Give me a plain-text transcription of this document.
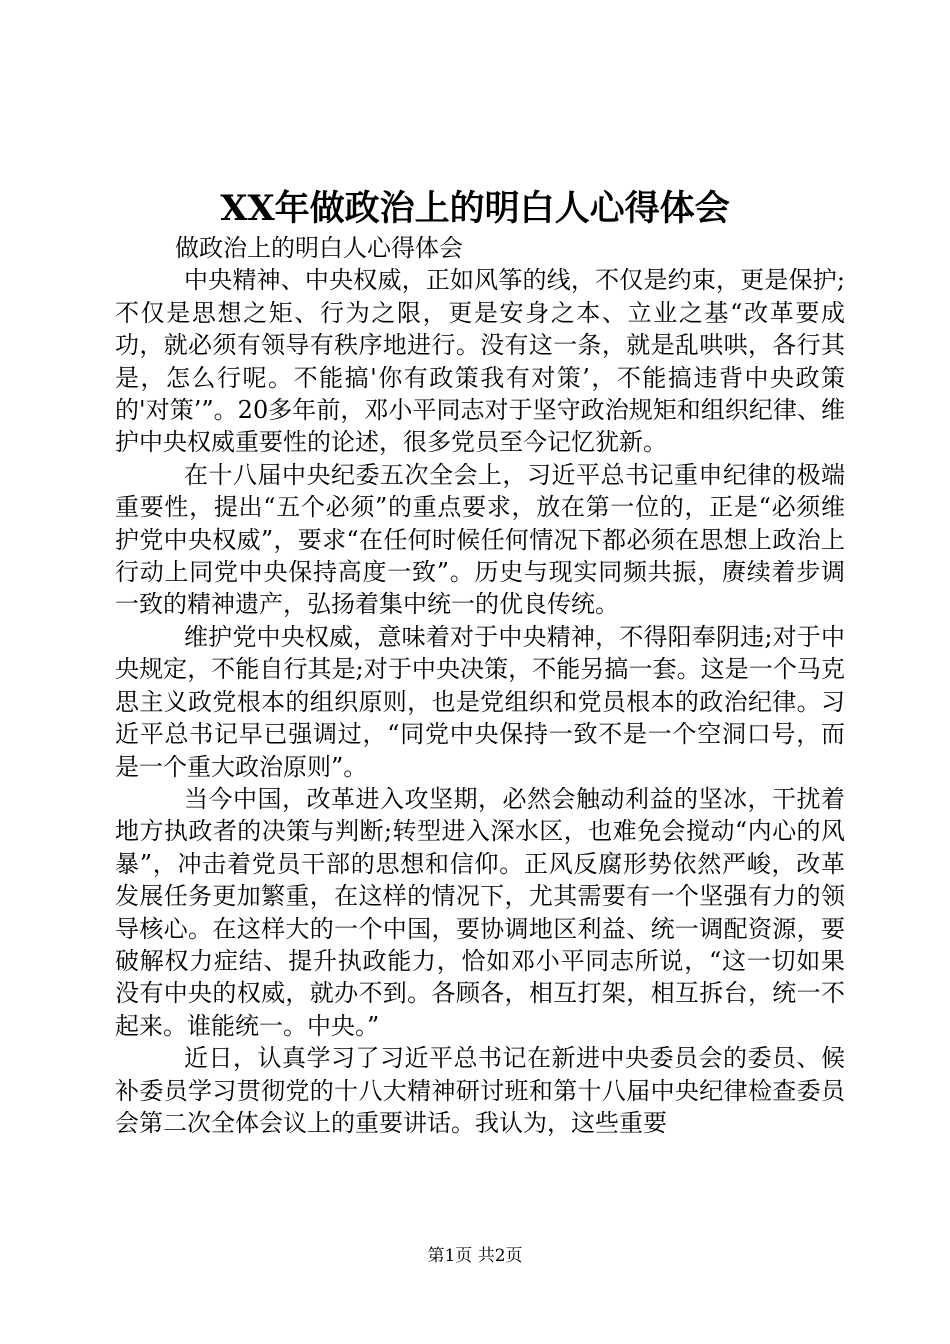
XX年做政治上的明白人心得体会

做政治上的明白人心得体会

中央精神、中央权威，正如风筝的线，不仅是约束，更是保护;不仅是思想之矩、行为之限，更是安身之本、立业之基“改革要成功，就必须有领导有秩序地进行。没有这一条，就是乱哄哄，各行其是，怎么行呢。不能搞'你有政策我有对策’，不能搞违背中央政策的'对策’”。20多年前，邓小平同志对于坚守政治规矩和组织纪律、维护中央权威重要性的论述，很多党员至今记忆犹新。

在十八届中央纪委五次全会上，习近平总书记重申纪律的极端重要性，提出“五个必须”的重点要求，放在第一位的，正是“必须维护党中央权威”，要求“在任何时候任何情况下都必须在思想上政治上行动上同党中央保持高度一致”。历史与现实同频共振，赓续着步调一致的精神遗产，弘扬着集中统一的优良传统。

维护党中央权威，意味着对于中央精神，不得阳奉阴违;对于中央规定，不能自行其是;对于中央决策，不能另搞一套。这是一个马克思主义政党根本的组织原则，也是党组织和党员根本的政治纪律。习近平总书记早已强调过，“同党中央保持一致不是一个空洞口号，而是一个重大政治原则”。

当今中国，改革进入攻坚期，必然会触动利益的坚冰，干扰着地方执政者的决策与判断;转型进入深水区，也难免会搅动“内心的风暴”，冲击着党员干部的思想和信仰。正风反腐形势依然严峻，改革发展任务更加繁重，在这样的情况下，尤其需要有一个坚强有力的领导核心。在这样大的一个中国，要协调地区利益、统一调配资源，要破解权力症结、提升执政能力，恰如邓小平同志所说，“这一切如果没有中央的权威，就办不到。各顾各，相互打架，相互拆台，统一不起来。谁能统一。中央。”

近日，认真学习了习近平总书记在新进中央委员会的委员、候补委员学习贯彻党的十八大精神研讨班和第十八届中央纪律检查委员会第二次全体会议上的重要讲话。我认为，这些重要

第1页 共2页
